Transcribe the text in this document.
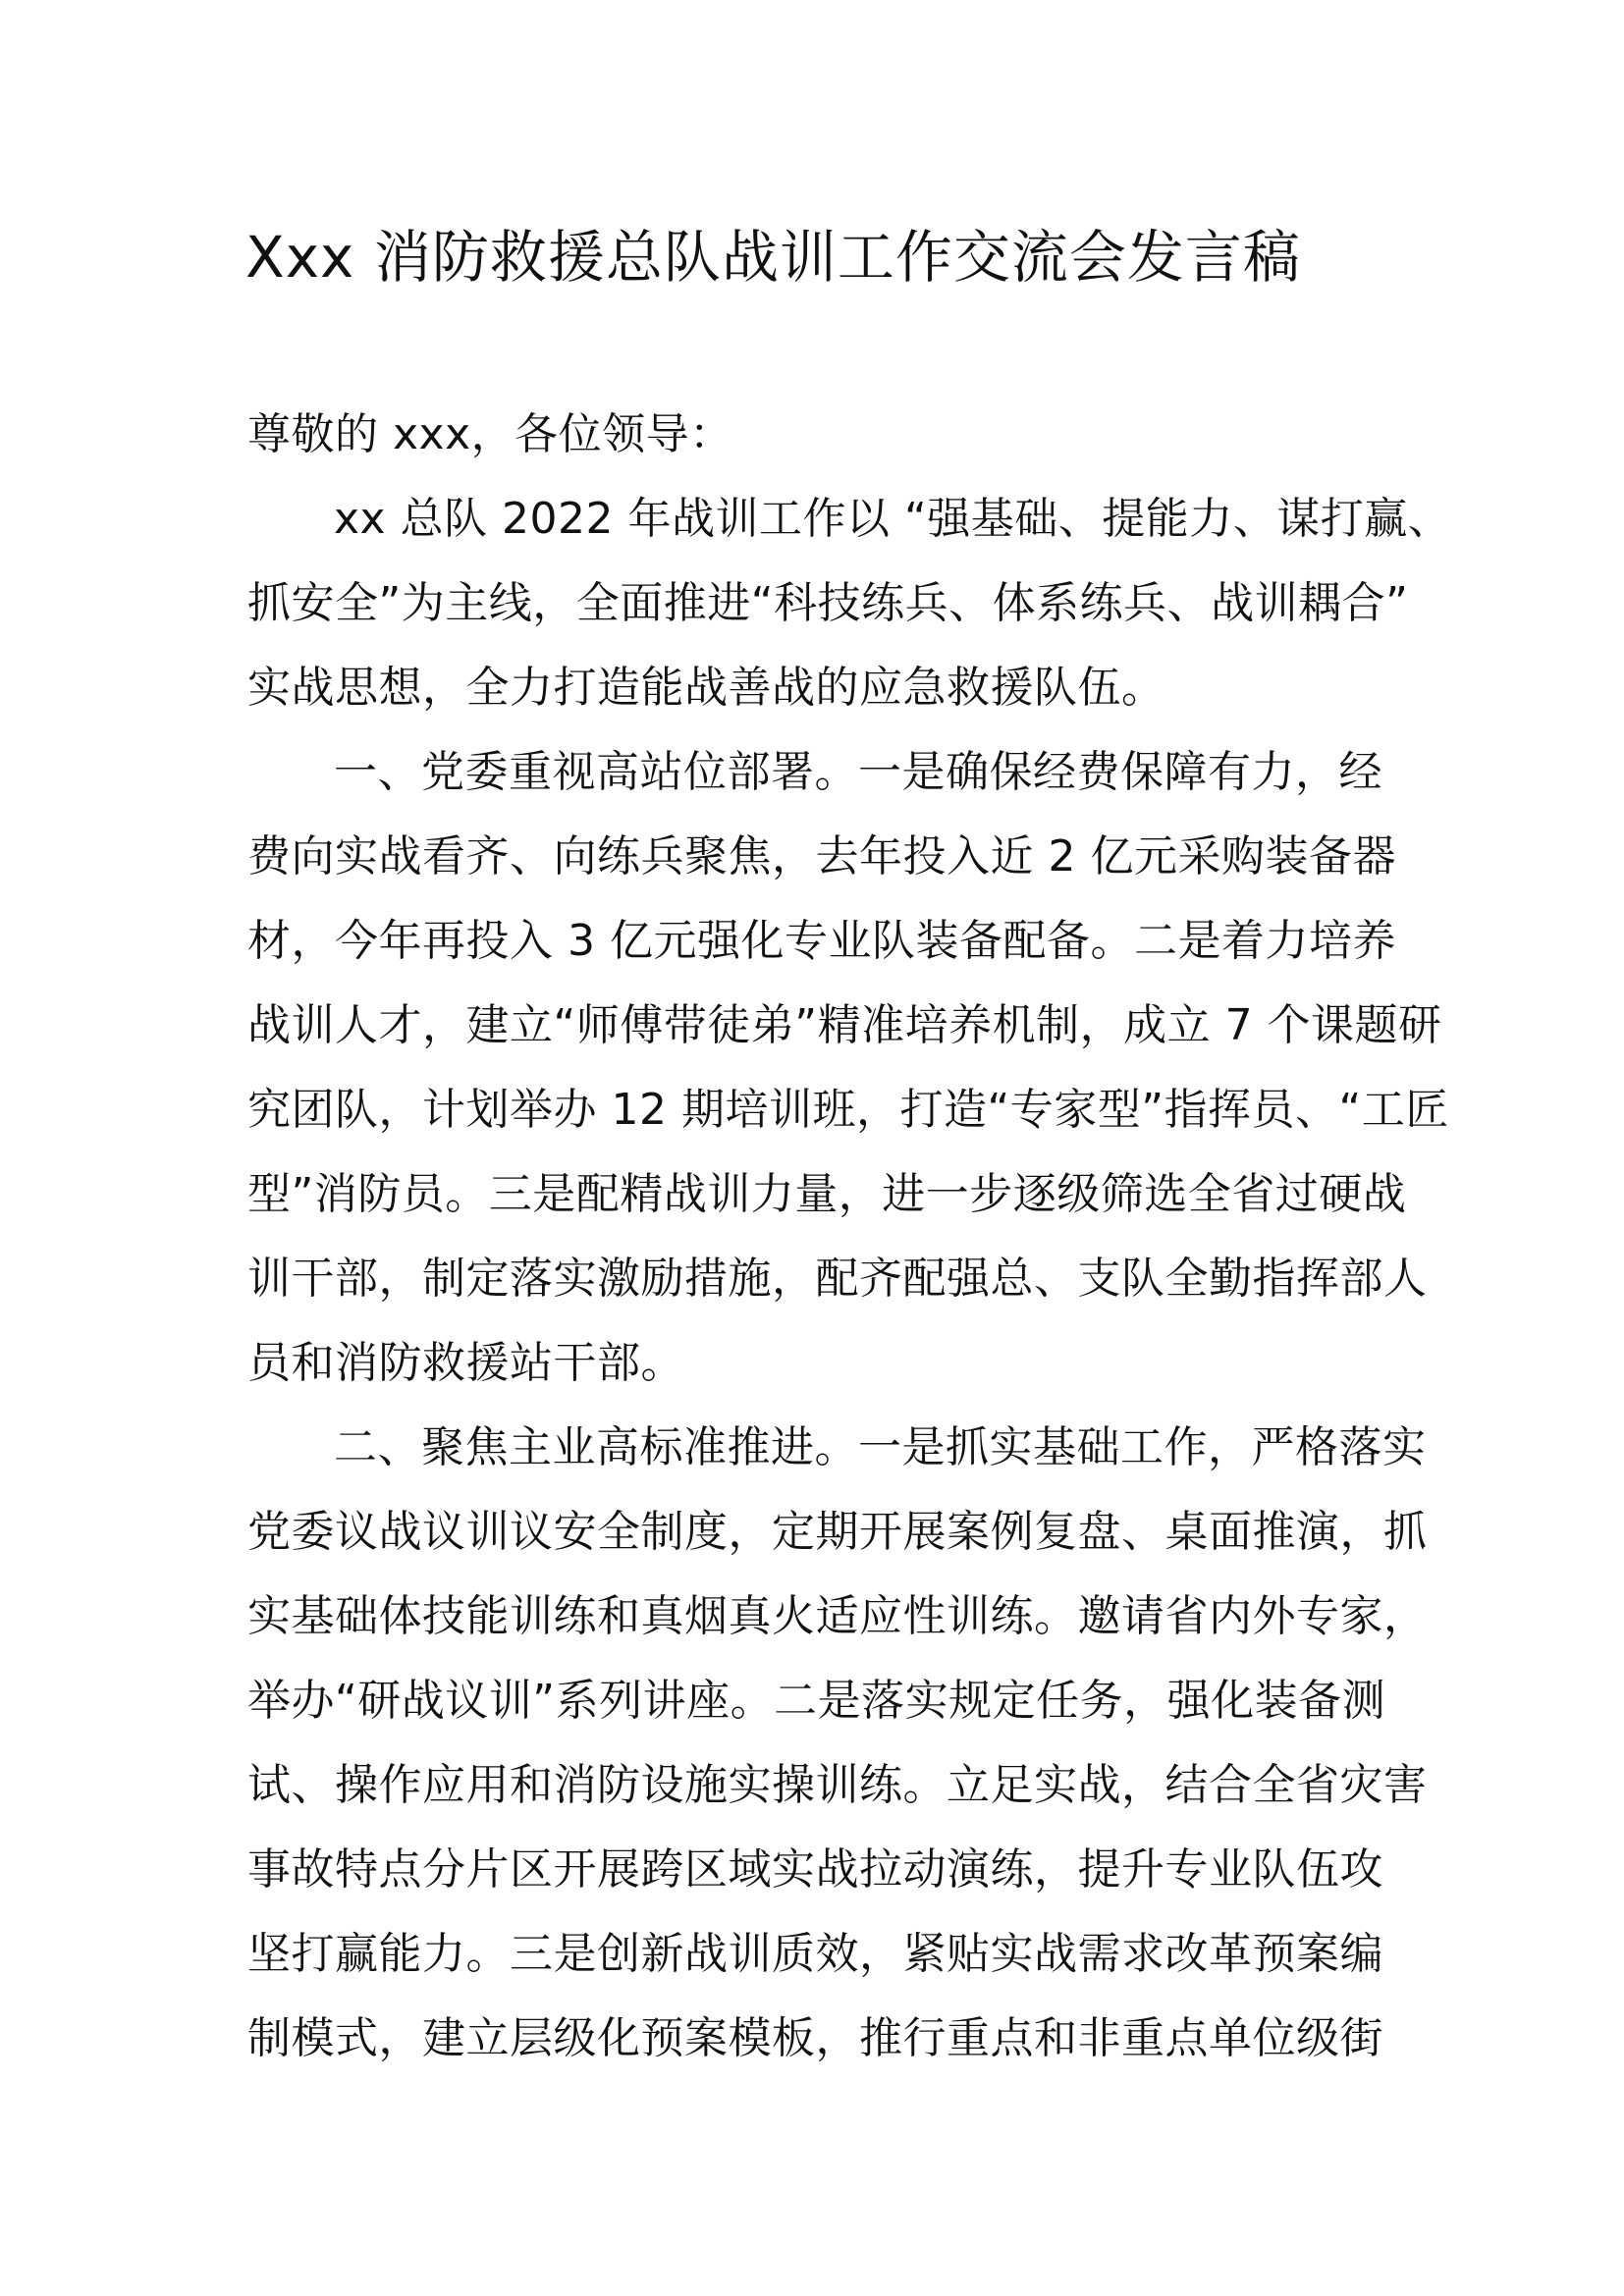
Xxx 消防救援总队战训工作交流会发言稿
尊敬的 xxx，各位领导：
xx 总队 2022 年战训工作以 “强基础、提能力、谋打赢、
抓安全”为主线，全面推进“科技练兵、体系练兵、战训耦合”
实战思想，全力打造能战善战的应急救援队伍。
一、党委重视高站位部署。一是确保经费保障有力，经
费向实战看齐、向练兵聚焦，去年投入近 2 亿元采购装备器
材，今年再投入 3 亿元强化专业队装备配备。二是着力培养
战训人才，建立“师傅带徒弟”精准培养机制，成立 7 个课题研
究团队，计划举办 12 期培训班，打造“专家型”指挥员、“工匠
型”消防员。三是配精战训力量，进一步逐级筛选全省过硬战
训干部，制定落实激励措施，配齐配强总、支队全勤指挥部人
员和消防救援站干部。
二、聚焦主业高标准推进。一是抓实基础工作，严格落实
党委议战议训议安全制度，定期开展案例复盘、桌面推演，抓
实基础体技能训练和真烟真火适应性训练。邀请省内外专家，
举办“研战议训”系列讲座。二是落实规定任务，强化装备测
试、操作应用和消防设施实操训练。立足实战，结合全省灾害
事故特点分片区开展跨区域实战拉动演练，提升专业队伍攻
坚打赢能力。三是创新战训质效，紧贴实战需求改革预案编
制模式，建立层级化预案模板，推行重点和非重点单位级街
